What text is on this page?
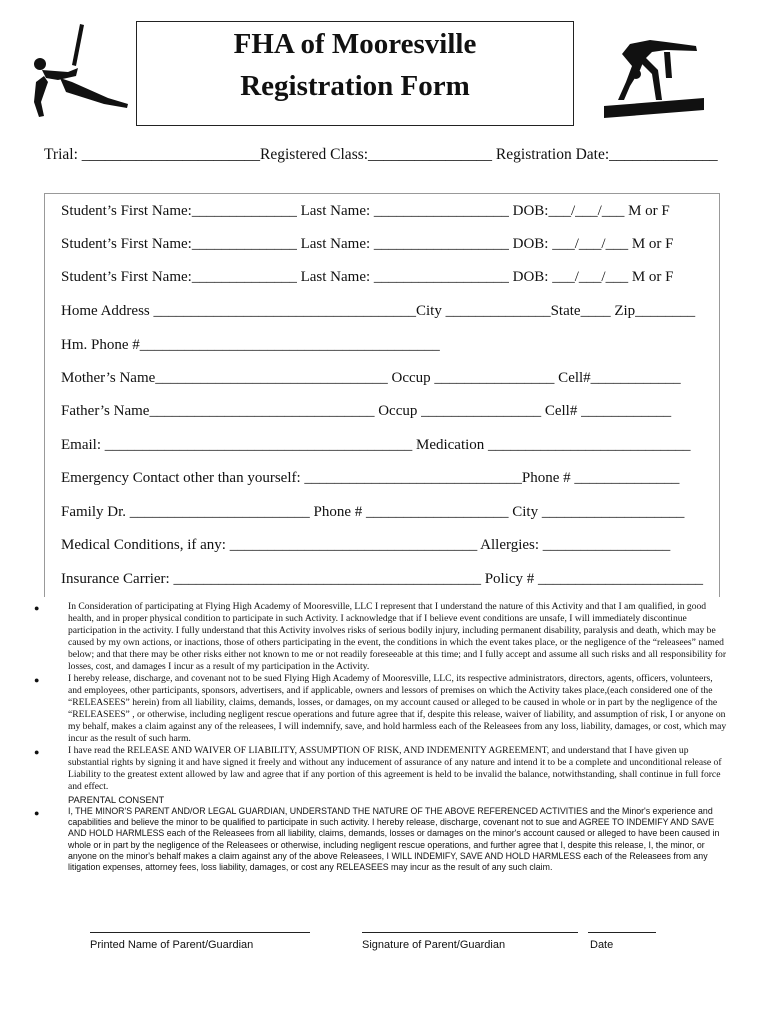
FHA of Mooresville
Registration Form
Trial: _______________________Registered Class:________________ Registration Date:______________
Student’s First Name:______________ Last Name: __________________ DOB:___/___/___ M or F
Student’s First Name:______________ Last Name: __________________ DOB: ___/___/___ M or F
Student’s First Name:______________ Last Name: __________________ DOB: ___/___/___ M or F
Home Address ___________________________________City ______________State____ Zip________
Hm. Phone #________________________________________
Mother’s Name_______________________________ Occup ________________ Cell#____________
Father’s Name______________________________ Occup ________________ Cell# ____________
Email: _________________________________________ Medication ___________________________
Emergency Contact other than yourself: _____________________________Phone # ______________
Family Dr. ________________________ Phone # ___________________ City ___________________
Medical Conditions, if any: _________________________________ Allergies: _________________
Insurance Carrier: _________________________________________ Policy # ______________________
●	In Consideration of participating at Flying High Academy of Mooresville, LLC I represent that I understand the nature of this Activity and that I am qualified, in good health, and in proper physical condition to participate in such Activity. I acknowledge that if I believe event conditions are unsafe, I will immediately discontinue participation in the activity. I fully understand that this Activity involves risks of serious bodily injury, including permanent disability, paralysis and death, which may be caused by my own actions, or inactions, those of others participating in the event, the conditions in which the event takes place, or the negligence of the “releasees” named below; and that there may be other risks either not known to me or not readily foreseeable at this time; and I fully accept and assume all such risks and all responsibility for losses, cost, and damages I incur as a result of my participation in the Activity.
●	I hereby release, discharge, and covenant not to be sued Flying High Academy of Mooresville, LLC, its respective administrators, directors, agents, officers, volunteers, and employees, other participants, sponsors, advertisers, and if applicable, owners and lessors of premises on which the Activity takes place,(each considered one of the “RELEASEES” herein) from all liability, claims, demands, losses, or damages, on my account caused or alleged to be caused in whole or in part by the negligence of the “RELEASEES” , or otherwise, including negligent rescue operations and future agree that if, despite this release, waiver of liability, and assumption of risk, I or anyone on my behalf, makes a claim against any of the releasees, I will indemnify, save, and hold harmless each of the Releasees from any loss, liability, damages, or cost, which may incur as the result of such harm.
●	I have read the RELEASE AND WAIVER OF LIABILITY, ASSUMPTION OF RISK, AND INDEMENITY AGREEMENT, and understand that I have given up substantial rights by signing it and have signed it freely and without any inducement of assurance of any nature and intend it to be a complete and unconditional release of Liability to the greatest extent allowed by law and agree that if any portion of this agreement is held to be invalid the balance, notwithstanding, shall continue in full force and effect.
PARENTAL CONSENT
●	I, THE MINOR'S PARENT AND/OR LEGAL GUARDIAN, UNDERSTAND THE NATURE OF THE ABOVE REFERENCED ACTIVITIES and the Minor's experience and capabilities and believe the minor to be qualified to participate in such activity. I hereby release, discharge, covenant not to sue and AGREE TO INDEMIFY AND SAVE AND HOLD HARMLESS each of the Releasees from all liability, claims, demands, losses or damages on the minor's account caused or alleged to have been caused in whole or in part by the negligence of the Releasees or otherwise, including negligent rescue operations, and further agree that I, despite this release, I, the minor, or anyone on the minor's behalf makes a claim against any of the above Releasees, I WILL INDEMIFY, SAVE AND HOLD HARMLESS each of the Releasees from any litigation expenses, attorney fees, loss liability, damages, or cost any RELEASEES may incur as the result of any such claim.
Printed Name of Parent/Guardian	Signature of Parent/Guardian	Date
